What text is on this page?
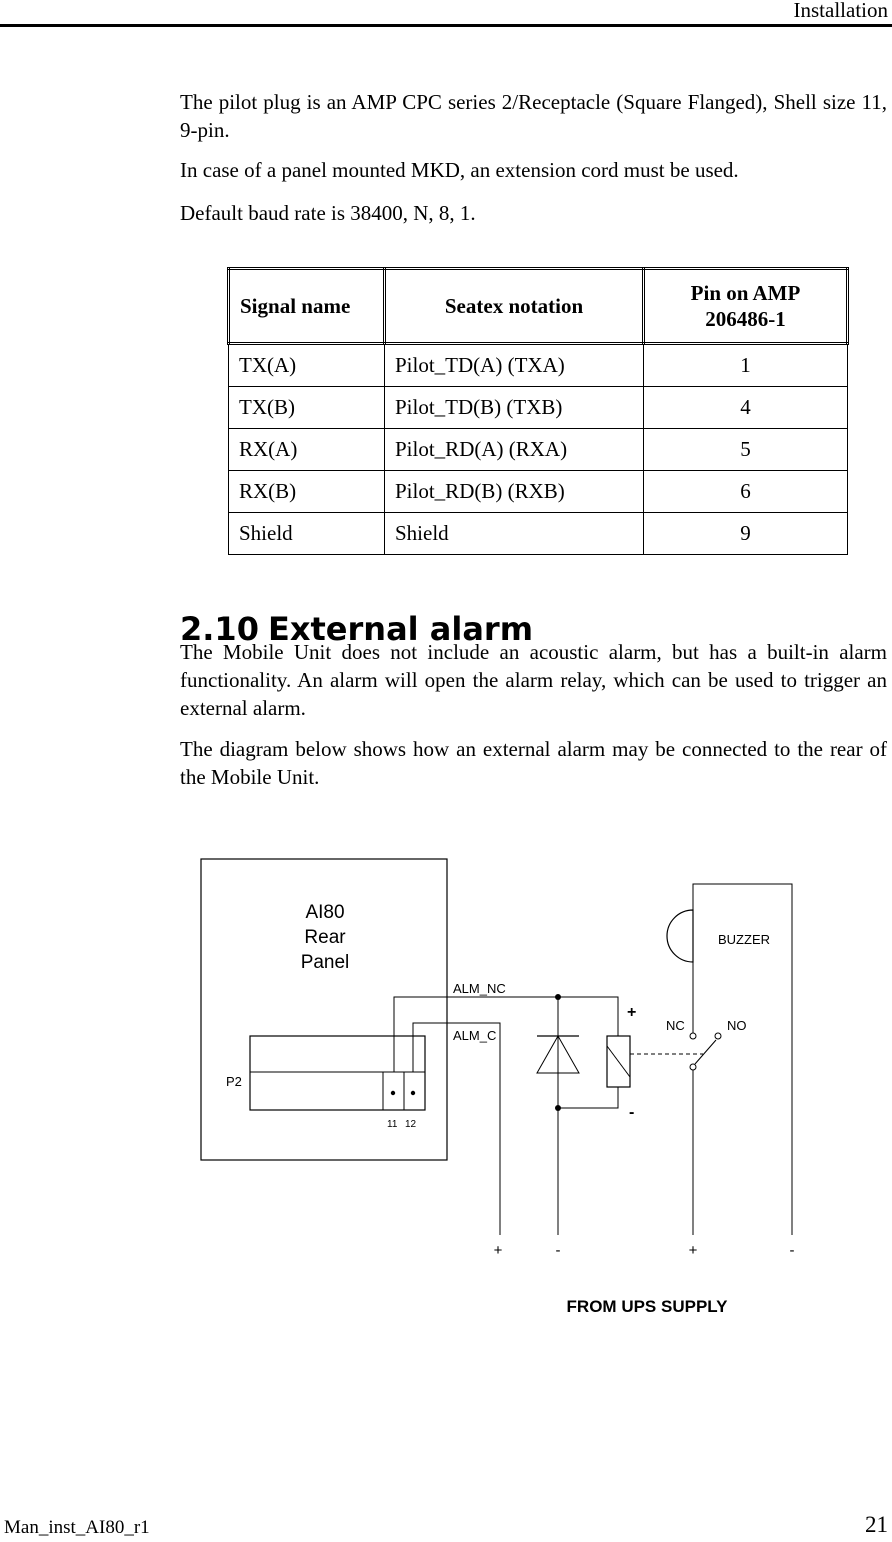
Installation

The pilot plug is an AMP CPC series 2/Receptacle (Square Flanged), Shell size 11, 9-pin.

In case of a panel mounted MKD, an extension cord must be used.

Default baud rate is 38400, N, 8, 1.

Signal name	Seatex notation	Pin on AMP 206486-1
TX(A)	Pilot_TD(A) (TXA)	1
TX(B)	Pilot_TD(B) (TXB)	4
RX(A)	Pilot_RD(A) (RXA)	5
RX(B)	Pilot_RD(B) (RXB)	6
Shield	Shield	9
2.10 External alarm

The Mobile Unit does not include an acoustic alarm, but has a built-in alarm functionality. An alarm will open the alarm relay, which can be used to trigger an external alarm.

The diagram below shows how an external alarm may be connected to the rear of the Mobile Unit.

AI80
Rear
Panel
P2
11 12
ALM_NC
ALM_C
+
-
NC	NO
BUZZER
+	-	+	-
FROM UPS SUPPLY
Man_inst_AI80_r1	21
